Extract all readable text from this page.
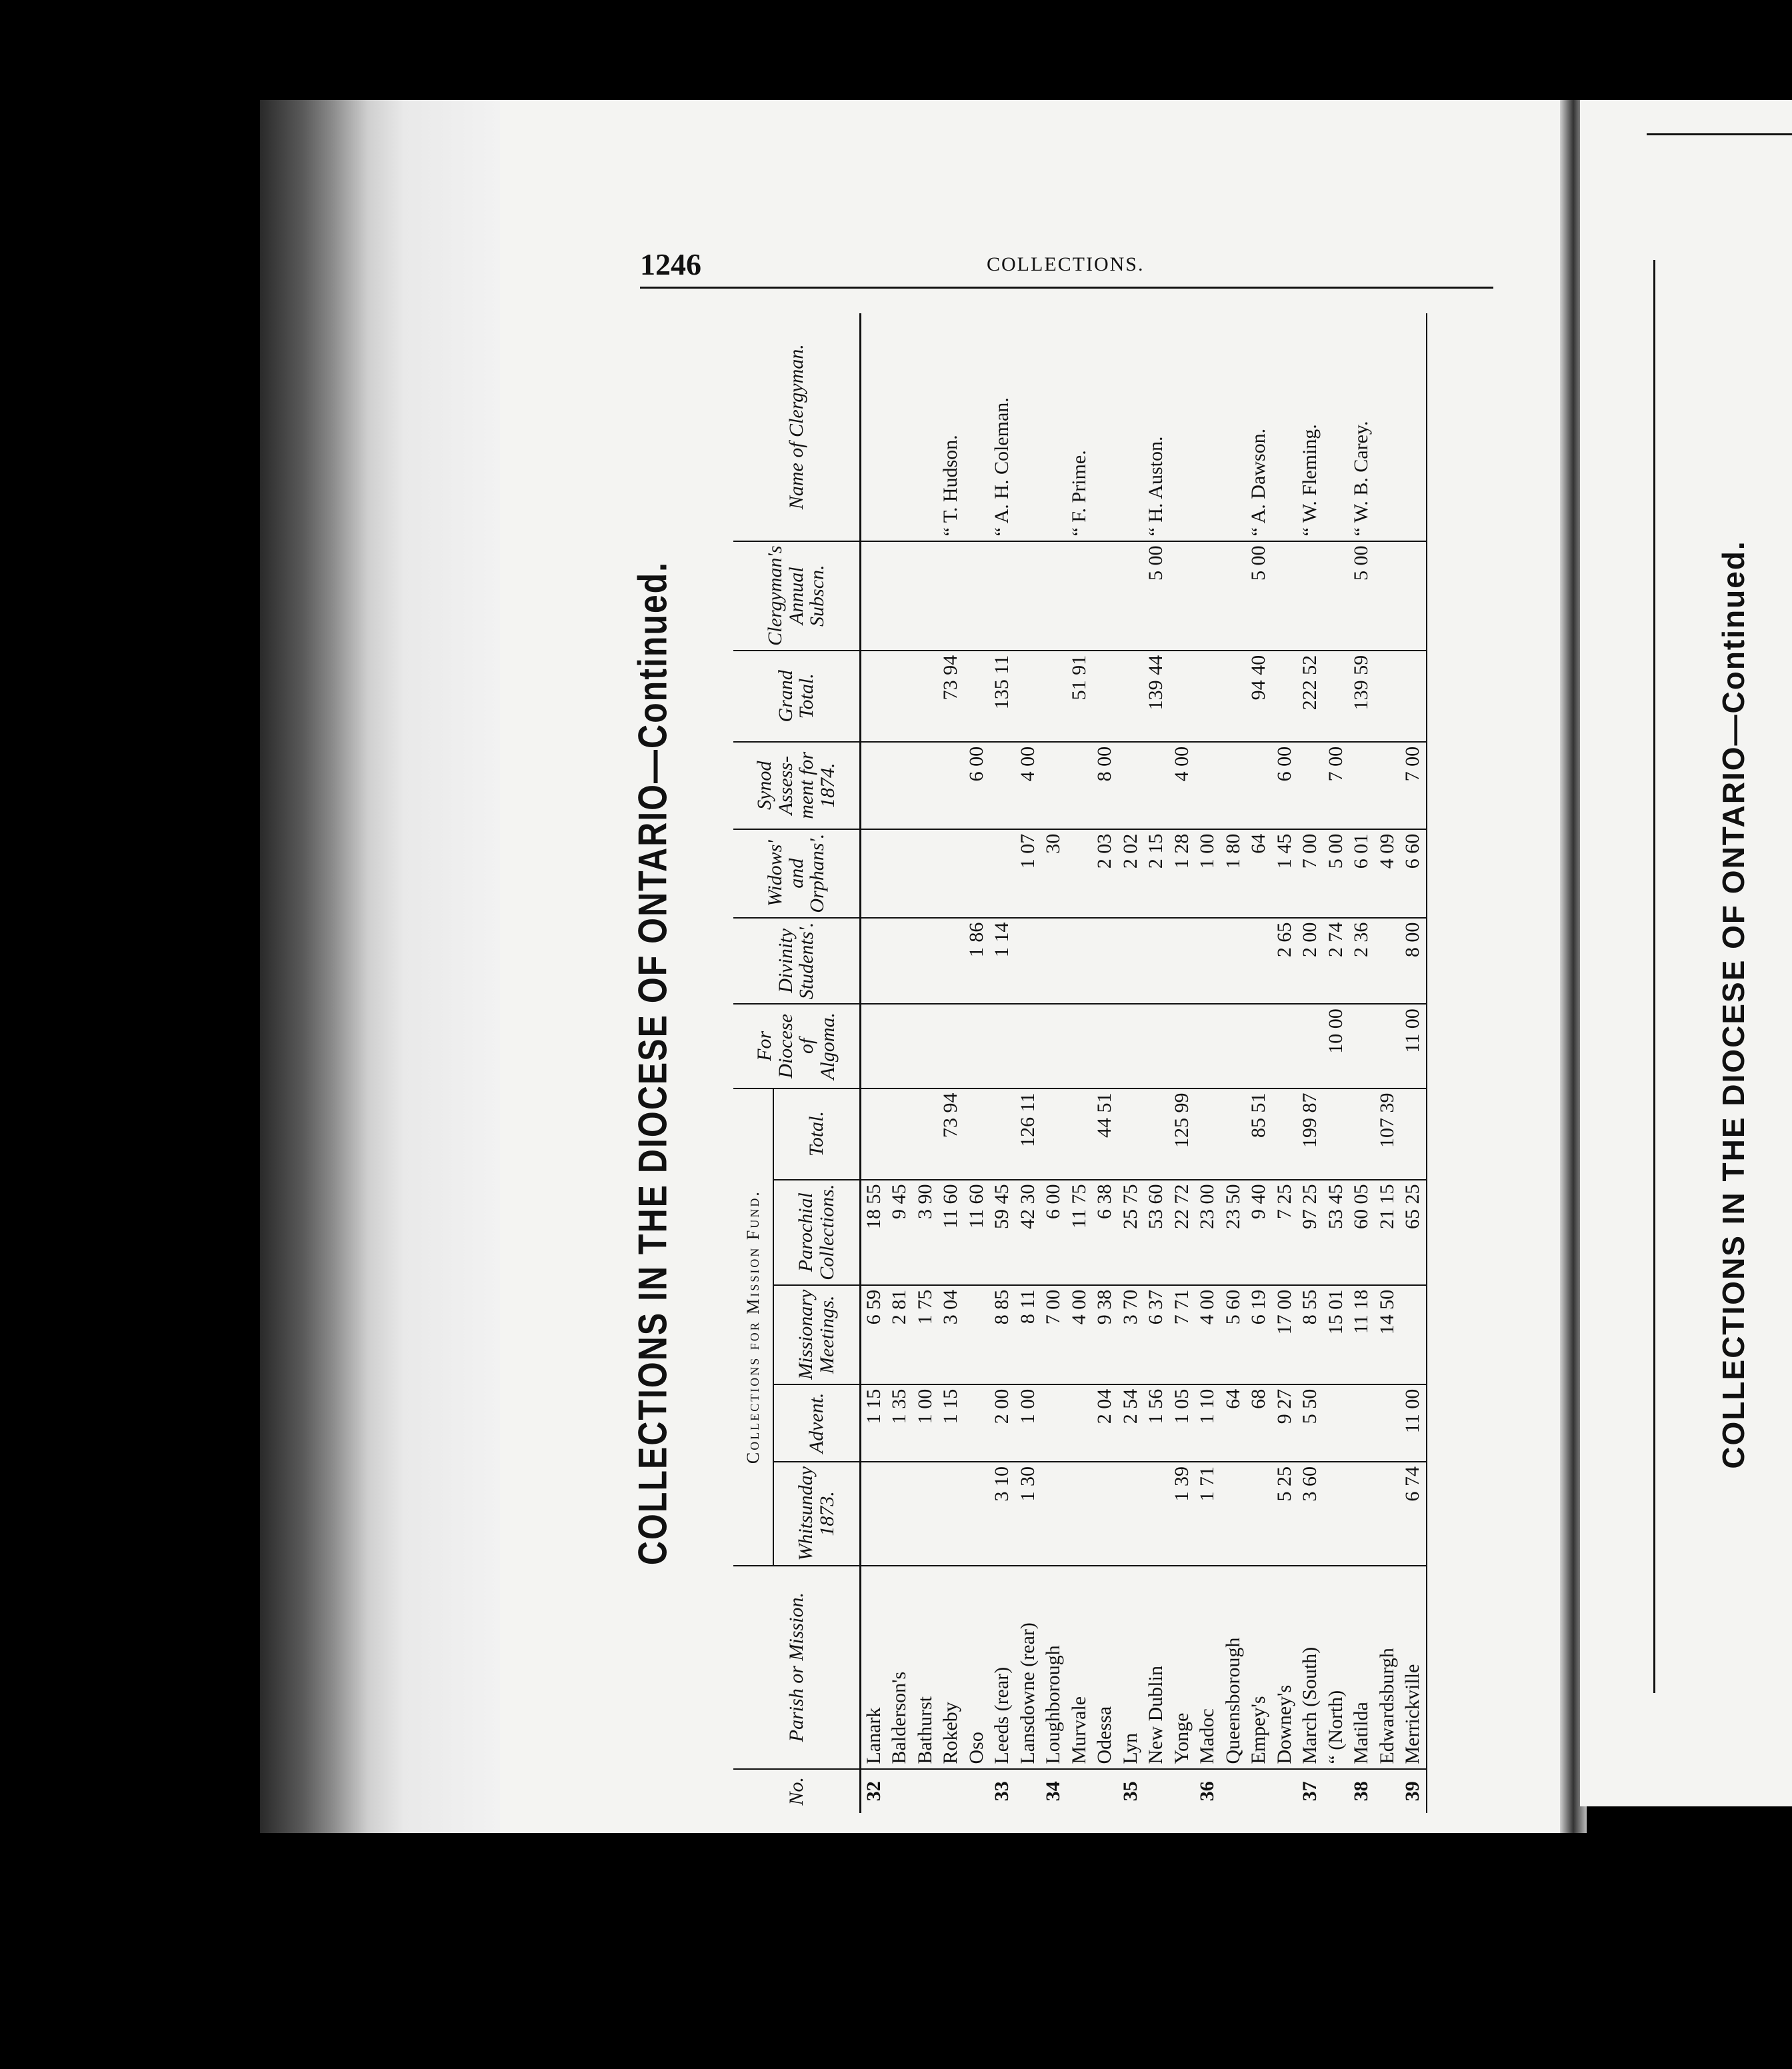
COLLECTIONS IN THE DIOCESE OF ONTARIO—Continued.
1246	COLLECTIONS.
COLLECTIONS IN THE DIOCESE OF ONTARIO—Continued.
No.	Parish or Mission.	Collections for Mission Fund.					For Diocese of Algoma.	Divinity Students'.	Widows' and Orphans'.	Synod Assess-ment for 1874.	Grand Total.	Clergyman's Annual Subscn.	Name of Clergyman.
		Whitsunday 1873.	Advent.	Missionary Meetings.	Parochial Collections.	Total.							
32	Lanark		1 15	6 59	18 55								
	Balderson's		1 35	2 81	9 45								
	Bathurst		1 00	1 75	3 90								
	Rokeby		1 15	3 04	11 60	73 94					73 94		“ T. Hudson.
	Oso				11 60			1 86		6 00			
33	Leeds (rear)	3 10	2 00	8 85	59 45			1 14			135 11		“ A. H. Coleman.
	Lansdowne (rear)	1 30	1 00	8 11	42 30	126 11			1 07	4 00			
34	Loughborough			7 00	6 00				30				
	Murvale			4 00	11 75						51 91		“ F. Prime.
	Odessa		2 04	9 38	6 38	44 51			2 03	8 00			
35	Lyn		2 54	3 70	25 75				2 02				
	New Dublin		1 56	6 37	53 60				2 15		139 44	5 00	“ H. Auston.
	Yonge	1 39	1 05	7 71	22 72	125 99			1 28	4 00			
36	Madoc	1 71	1 10	4 00	23 00				1 00				
	Queensborough		64	5 60	23 50				1 80				
	Empey's		68	6 19	9 40	85 51			64		94 40	5 00	“ A. Dawson.
	Downey's	5 25	9 27	17 00	7 25			2 65	1 45	6 00			
37	March (South)	3 60	5 50	8 55	97 25	199 87		2 00	7 00		222 52		“ W. Fleming.
	“ (North)			15 01	53 45		10 00	2 74	5 00	7 00			
38	Matilda			11 18	60 05			2 36	6 01		139 59	5 00	“ W. B. Carey.
	Edwardsburgh			14 50	21 15	107 39			4 09				
39	Merrickville	6 74	11 00		65 25		11 00	8 00	6 60	7 00			
